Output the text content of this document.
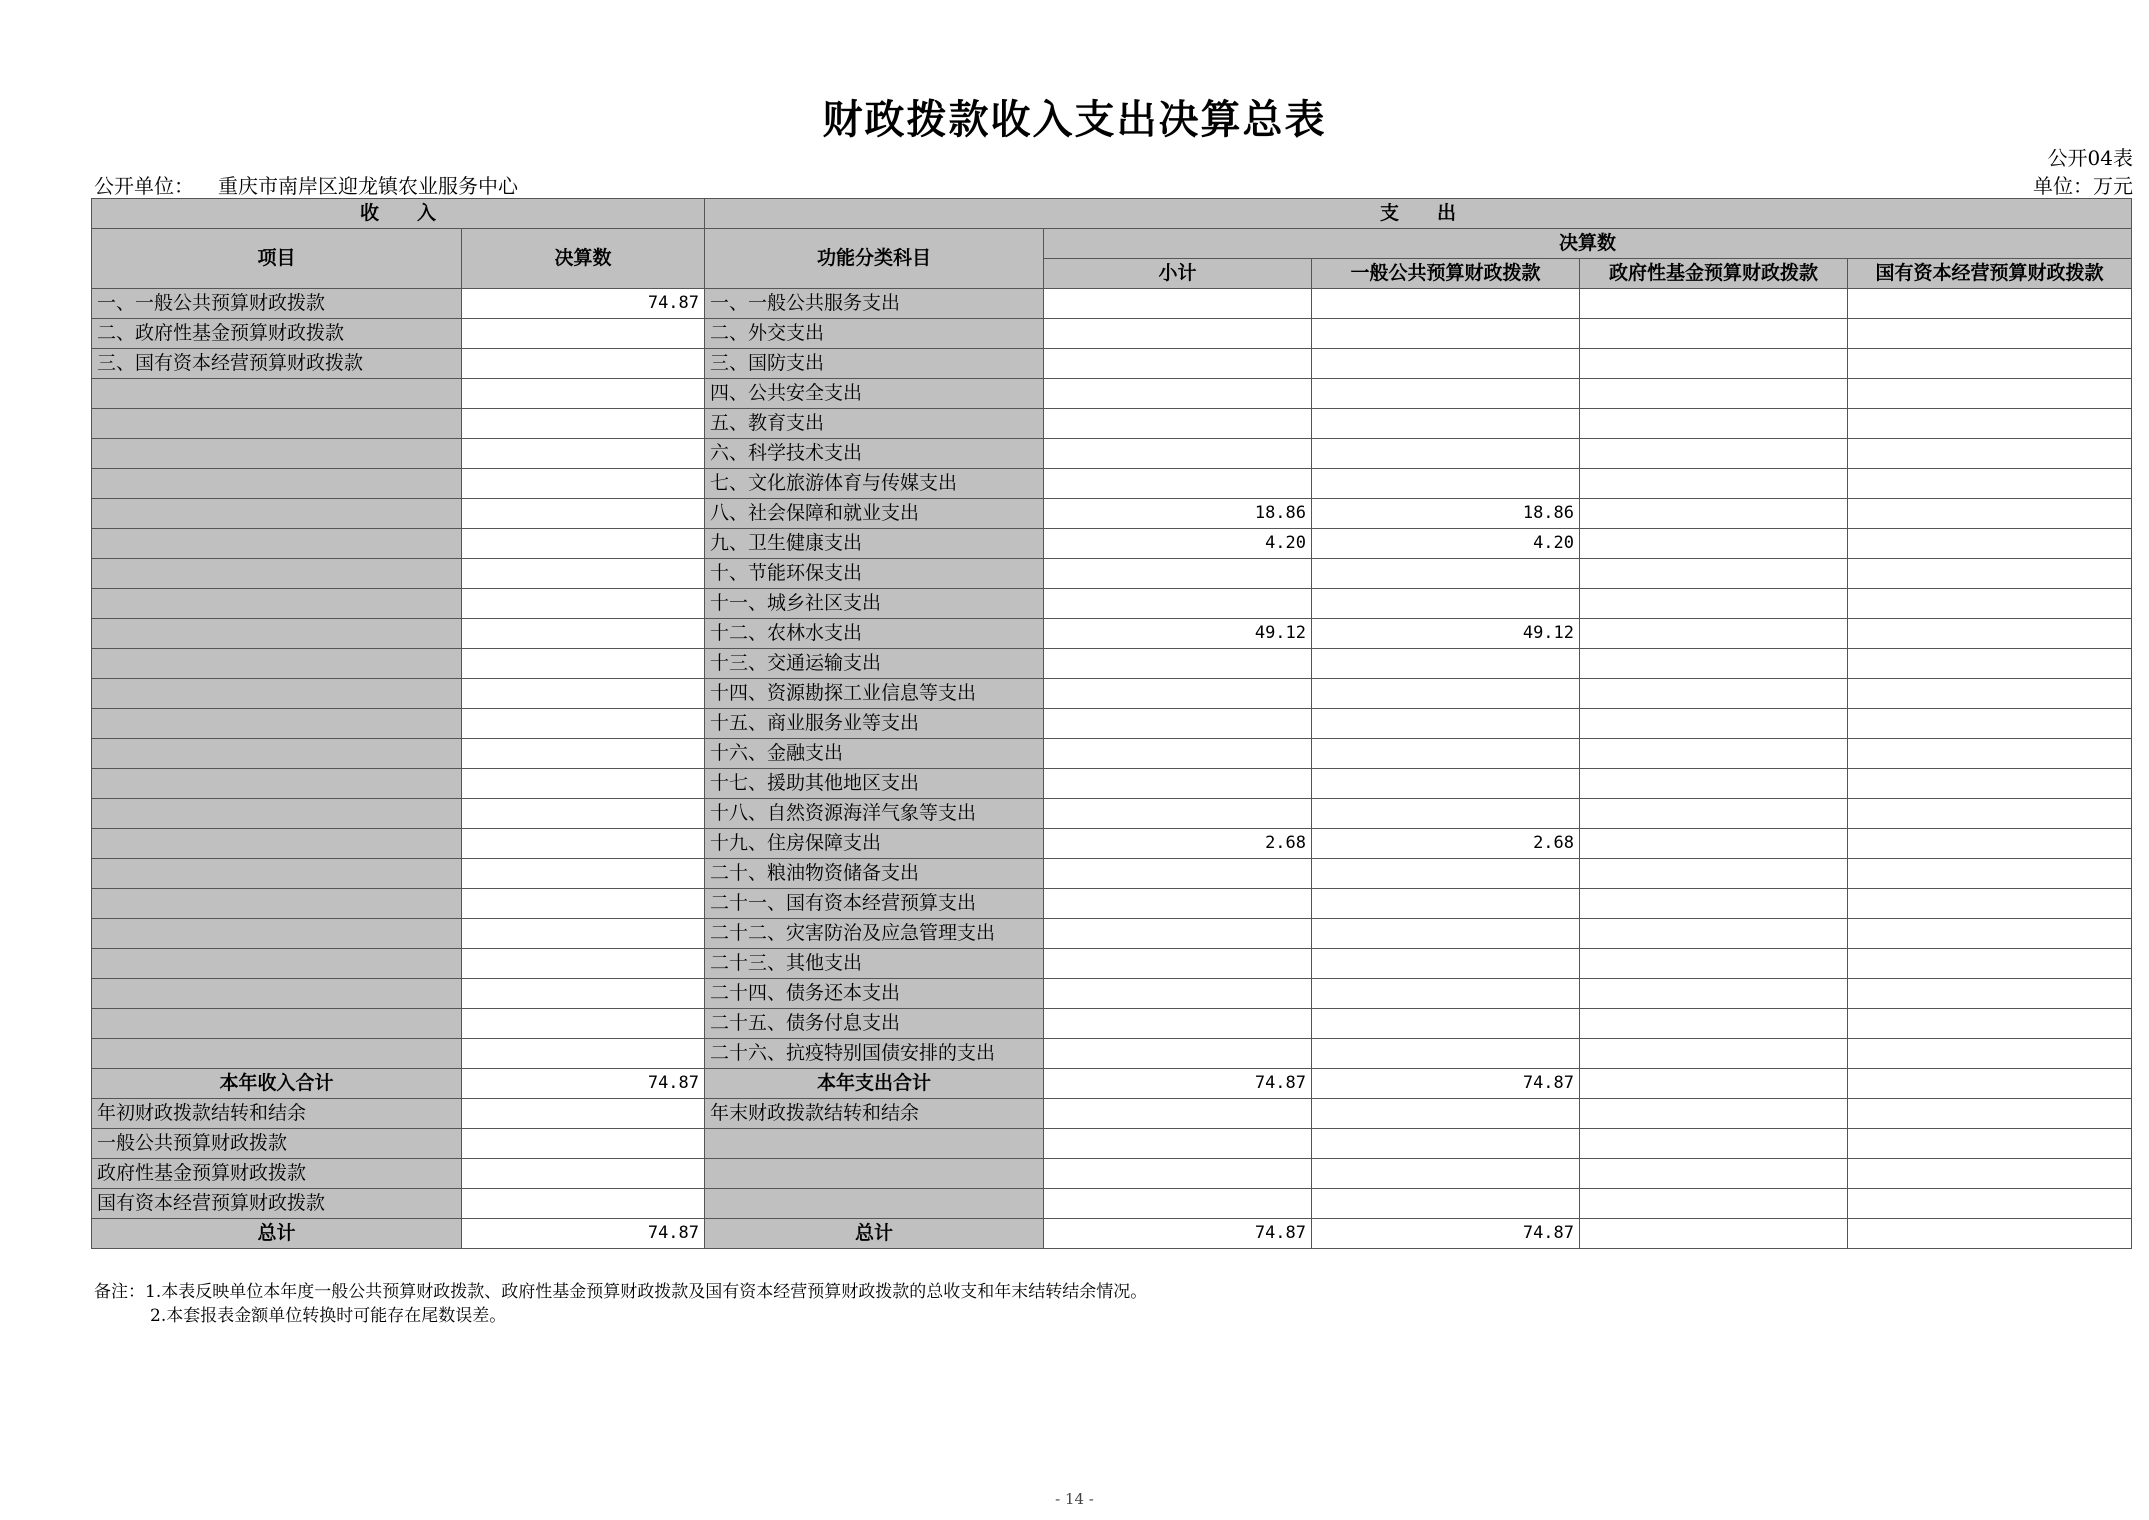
财政拨款收入支出决算总表
公开04表
公开单位： 重庆市南岸区迎龙镇农业服务中心	单位：万元
收　　入		支　　出				
项目	决算数	功能分类科目	决算数			
			小计	一般公共预算财政拨款	政府性基金预算财政拨款	国有资本经营预算财政拨款
一、一般公共预算财政拨款	74.87	一、一般公共服务支出				
二、政府性基金预算财政拨款		二、外交支出				
三、国有资本经营预算财政拨款		三、国防支出				
		四、公共安全支出				
		五、教育支出				
		六、科学技术支出				
		七、文化旅游体育与传媒支出				
		八、社会保障和就业支出	18.86	18.86		
		九、卫生健康支出	4.20	4.20		
		十、节能环保支出				
		十一、城乡社区支出				
		十二、农林水支出	49.12	49.12		
		十三、交通运输支出				
		十四、资源勘探工业信息等支出				
		十五、商业服务业等支出				
		十六、金融支出				
		十七、援助其他地区支出				
		十八、自然资源海洋气象等支出				
		十九、住房保障支出	2.68	2.68		
		二十、粮油物资储备支出				
		二十一、国有资本经营预算支出				
		二十二、灾害防治及应急管理支出				
		二十三、其他支出				
		二十四、债务还本支出				
		二十五、债务付息支出				
		二十六、抗疫特别国债安排的支出				
本年收入合计	74.87	本年支出合计	74.87	74.87		
年初财政拨款结转和结余		年末财政拨款结转和结余				
一般公共预算财政拨款						
政府性基金预算财政拨款						
国有资本经营预算财政拨款						
总计	74.87	总计	74.87	74.87		
备注：1.本表反映单位本年度一般公共预算财政拨款、政府性基金预算财政拨款及国有资本经营预算财政拨款的总收支和年末结转结余情况。
2.本套报表金额单位转换时可能存在尾数误差。
- 14 -
